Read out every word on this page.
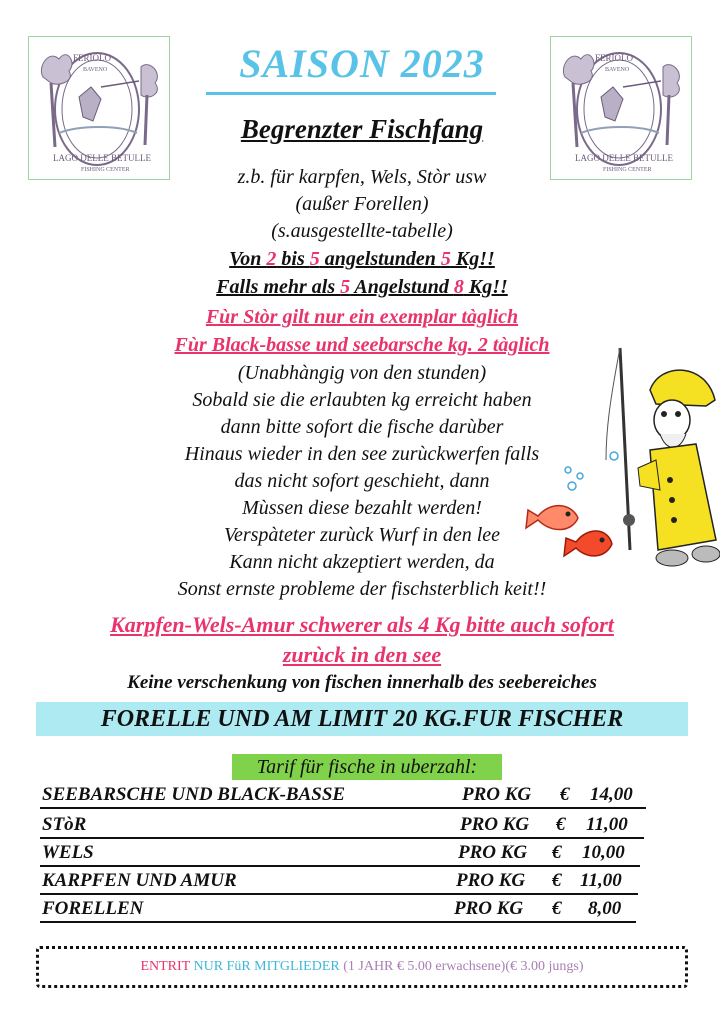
FERIOLO
BAVENO
LAGO DELLE BETULLE
FISHING CENTER
FERIOLO
BAVENO
LAGO DELLE BETULLE
FISHING CENTER
SAISON 2023
Begrenzter Fischfang
z.b. für karpfen, Wels, Stòr usw
(außer Forellen)
(s.ausgestellte-tabelle)
Von 2 bis 5 angelstunden 5 Kg!!
Falls mehr als 5 Angelstund 8 Kg!!
Fùr Stòr gilt nur ein exemplar tàglich
Fùr Black-basse und seebarsche kg. 2 tàglich
(Unabhàngig von den stunden)
Sobald sie die erlaubten kg erreicht haben
dann bitte sofort die fische darùber
Hinaus wieder in den see zurùckwerfen falls
das nicht sofort geschieht, dann
Mùssen diese bezahlt werden!
Verspàteter zurùck Wurf in den lee
Kann nicht akzeptiert werden, da
Sonst ernste probleme der fischsterblich keit!!
Karpfen-Wels-Amur schwerer als 4 Kg bitte auch sofort
zurùck in den see
Keine verschenkung von fischen innerhalb des seebereiches
FORELLE UND AM LIMIT 20 KG.FUR FISCHER
Tarif für fische in uberzahl:
SEEBARSCHE UND BLACK-BASSE	PRO KG € 14,00
STòR	PRO KG € 11,00
WELS	PRO KG € 10,00
KARPFEN UND AMUR	PRO KG € 11,00
FORELLEN	PRO KG € 8,00
ENTRIT NUR FüR MITGLIEDER (1 JAHR € 5.00 erwachsene)(€ 3.00 jungs)
